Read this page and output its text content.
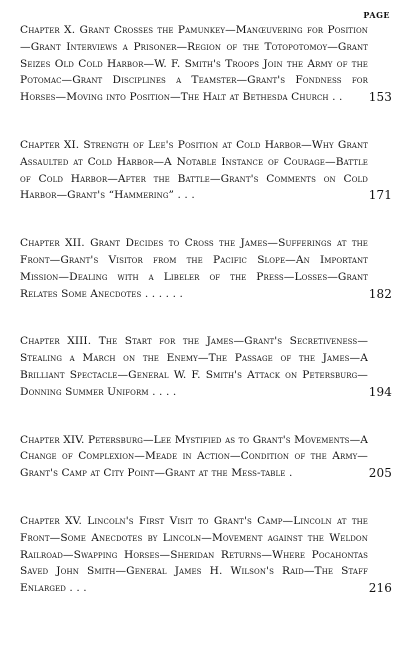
PAGE

Chapter X. Grant Crosses the Pamunkey—Manœuvering for Position—Grant Interviews a Prisoner—Region of the Totopotomoy—Grant Seizes Old Cold Harbor—W. F. Smith's Troops Join the Army of the Potomac—Grant Disciplines a Teamster—Grant's Fondness for Horses—Moving into Position—The Halt at Bethesda Church . . 153

Chapter XI. Strength of Lee's Position at Cold Harbor—Why Grant Assaulted at Cold Harbor—A Notable Instance of Courage—Battle of Cold Harbor—After the Battle—Grant's Comments on Cold Harbor—Grant's “Hammering” . . .	171

Chapter XII. Grant Decides to Cross the James—Sufferings at the Front—Grant's Visitor from the Pacific Slope—An Important Mission—Dealing with a Libeler of the Press—Losses—Grant Relates Some Anecdotes . . . . . .	182

Chapter XIII. The Start for the James—Grant's Secretiveness—Stealing a March on the Enemy—The Passage of the James—A Brilliant Spectacle—General W. F. Smith's Attack on Petersburg—Donning Summer Uniform . . . .	194

Chapter XIV. Petersburg—Lee Mystified as to Grant's Movements—A Change of Complexion—Meade in Action—Condition of the Army—Grant's Camp at City Point—Grant at the Mess-table .	205

Chapter XV. Lincoln's First Visit to Grant's Camp—Lincoln at the Front—Some Anecdotes by Lincoln—Movement against the Weldon Railroad—Swapping Horses—Sheridan Returns—Where Pocahontas Saved John Smith—General James H. Wilson's Raid—The Staff Enlarged . . .	216
